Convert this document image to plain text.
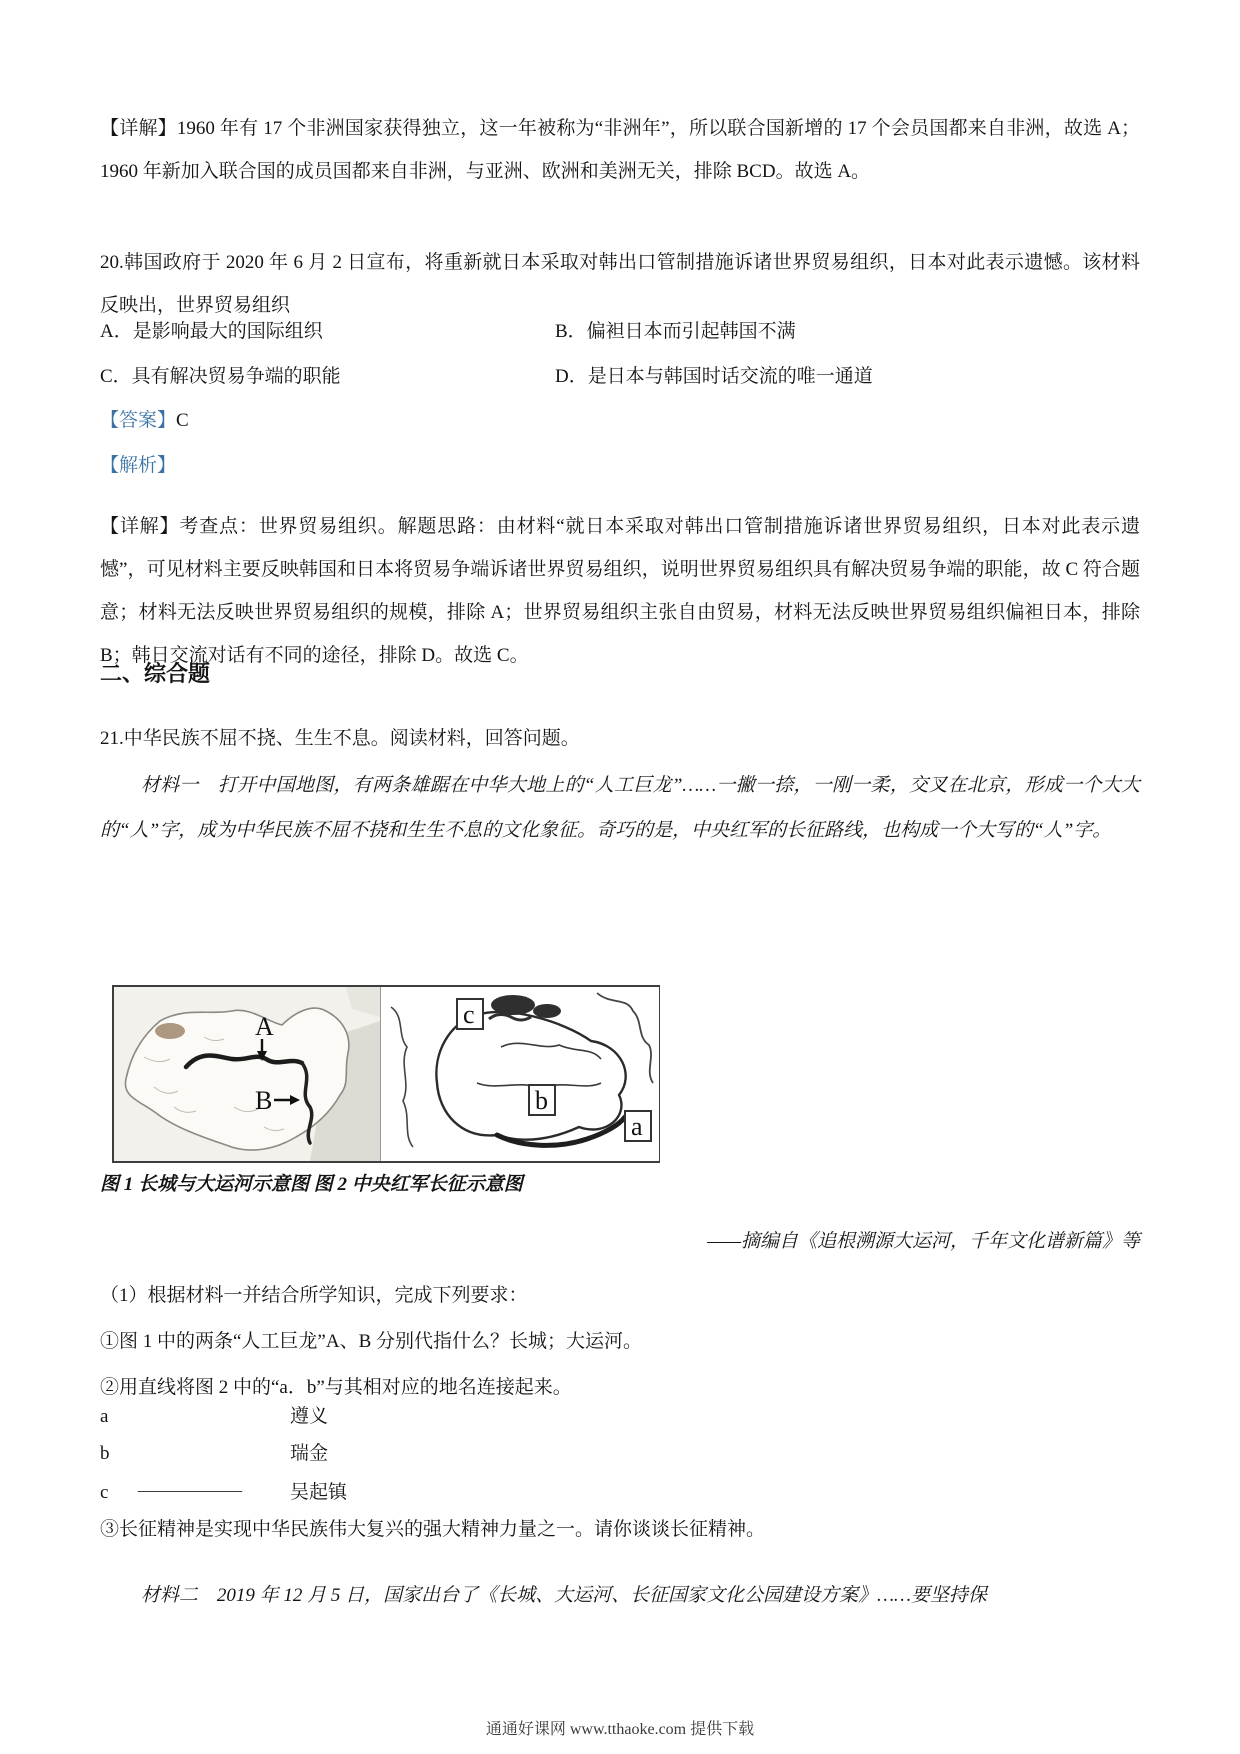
【详解】1960 年有 17 个非洲国家获得独立，这一年被称为“非洲年”，所以联合国新增的 17 个会员国都来自非洲，故选 A；1960 年新加入联合国的成员国都来自非洲，与亚洲、欧洲和美洲无关，排除 BCD。故选 A。

20.韩国政府于 2020 年 6 月 2 日宣布，将重新就日本采取对韩出口管制措施诉诸世界贸易组织，日本对此表示遗憾。该材料反映出，世界贸易组织

A．是影响最大的国际组织	B．偏袒日本而引起韩国不满
C．具有解决贸易争端的职能	D．是日本与韩国时话交流的唯一通道
【答案】C
【解析】

【详解】考查点：世界贸易组织。解题思路：由材料“就日本采取对韩出口管制措施诉诸世界贸易组织，日本对此表示遗憾”，可见材料主要反映韩国和日本将贸易争端诉诸世界贸易组织，说明世界贸易组织具有解决贸易争端的职能，故 C 符合题意；材料无法反映世界贸易组织的规模，排除 A；世界贸易组织主张自由贸易，材料无法反映世界贸易组织偏袒日本，排除 B；韩日交流对话有不同的途径，排除 D。故选 C。

二、综合题

21.中华民族不屈不挠、生生不息。阅读材料，回答问题。

材料一　打开中国地图，有两条雄踞在中华大地上的“人工巨龙”……一撇一捺，一刚一柔，交叉在北京，形成一个大大的“人”字，成为中华民族不屈不挠和生生不息的文化象征。奇巧的是，中央红军的长征路线，也构成一个大写的“人”字。

A
B
c
b
a
图 1 长城与大运河示意图 图 2 中央红军长征示意图
——摘编自《追根溯源大运河，千年文化谱新篇》等
（1）根据材料一并结合所学知识，完成下列要求：
①图 1 中的两条“人工巨龙”A、B 分别代指什么？长城；大运河。
②用直线将图 2 中的“a．b”与其相对应的地名连接起来。
a	遵义
b	瑞金
c ——————	吴起镇
③长征精神是实现中华民族伟大复兴的强大精神力量之一。请你谈谈长征精神。

材料二　2019 年 12 月 5 日，国家出台了《长城、大运河、长征国家文化公园建设方案》……要坚持保

通通好课网 www.tthaoke.com 提供下载
